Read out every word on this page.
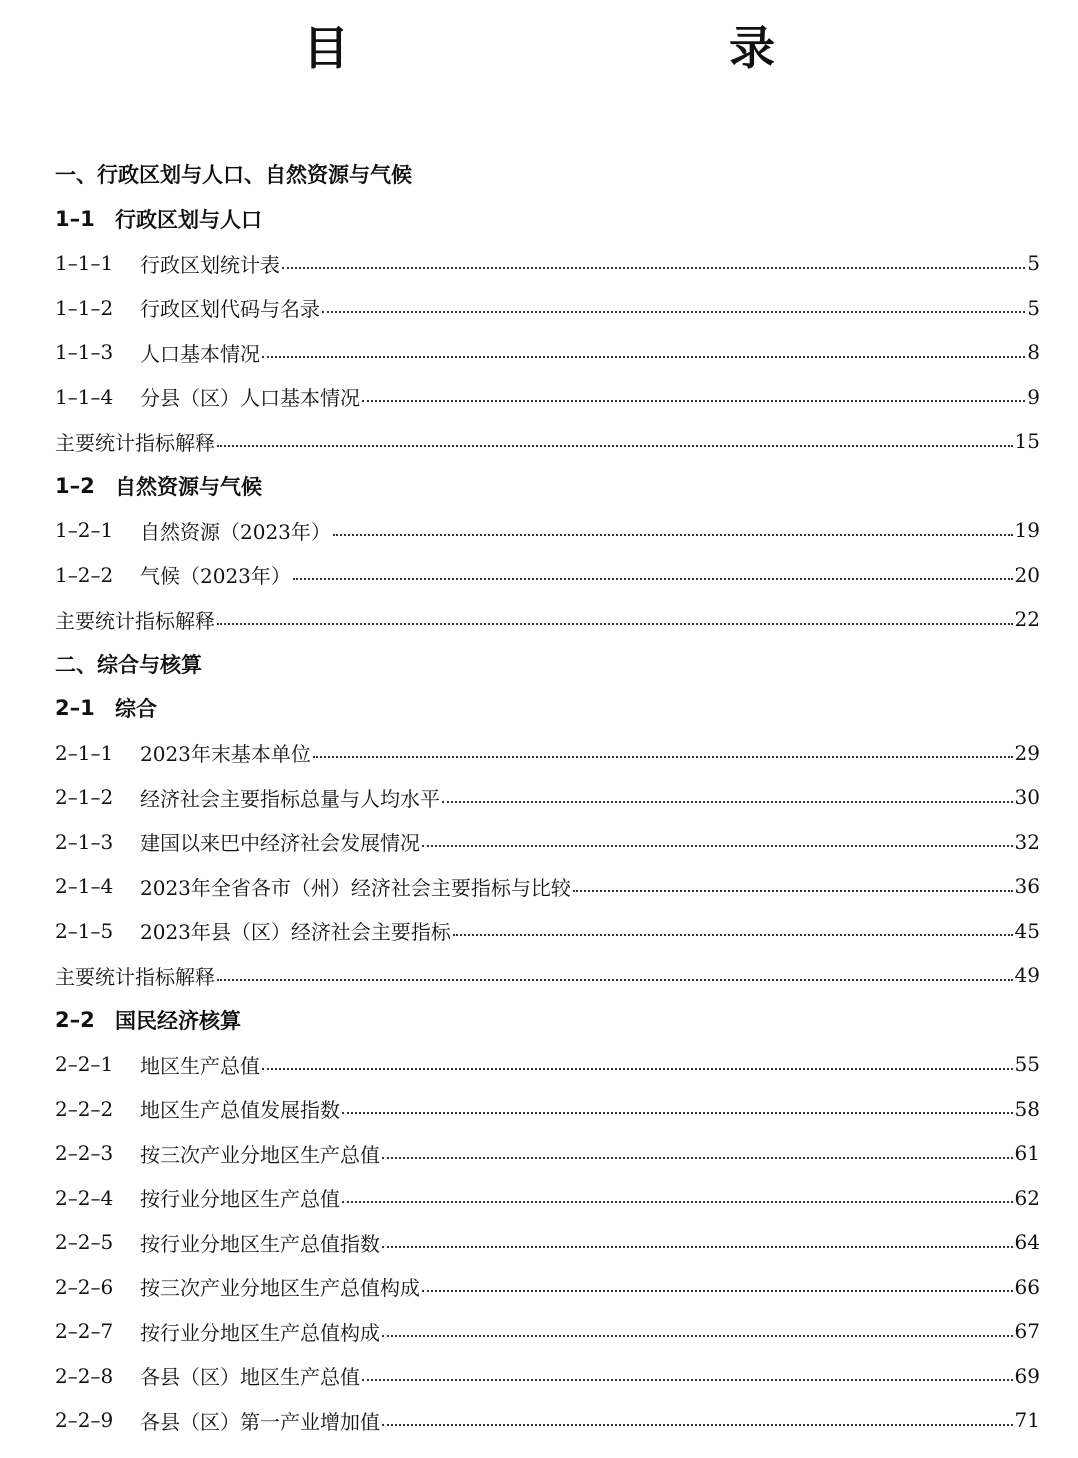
目　　录
一、行政区划与人口、自然资源与气候
1–1 行政区划与人口
1–1–1	行政区划统计表	5
1–1–2	行政区划代码与名录	5
1–1–3	人口基本情况	8
1–1–4	分县（区）人口基本情况	9
主要统计指标解释	15
1–2 自然资源与气候
1–2–1	自然资源（2023年）	19
1–2–2	气候（2023年）	20
主要统计指标解释	22
二、综合与核算
2–1 综合
2–1–1	2023年末基本单位	29
2–1–2	经济社会主要指标总量与人均水平	30
2–1–3	建国以来巴中经济社会发展情况	32
2–1–4	2023年全省各市（州）经济社会主要指标与比较	36
2–1–5	2023年县（区）经济社会主要指标	45
主要统计指标解释	49
2–2 国民经济核算
2–2–1	地区生产总值	55
2–2–2	地区生产总值发展指数	58
2–2–3	按三次产业分地区生产总值	61
2–2–4	按行业分地区生产总值	62
2–2–5	按行业分地区生产总值指数	64
2–2–6	按三次产业分地区生产总值构成	66
2–2–7	按行业分地区生产总值构成	67
2–2–8	各县（区）地区生产总值	69
2–2–9	各县（区）第一产业增加值	71
